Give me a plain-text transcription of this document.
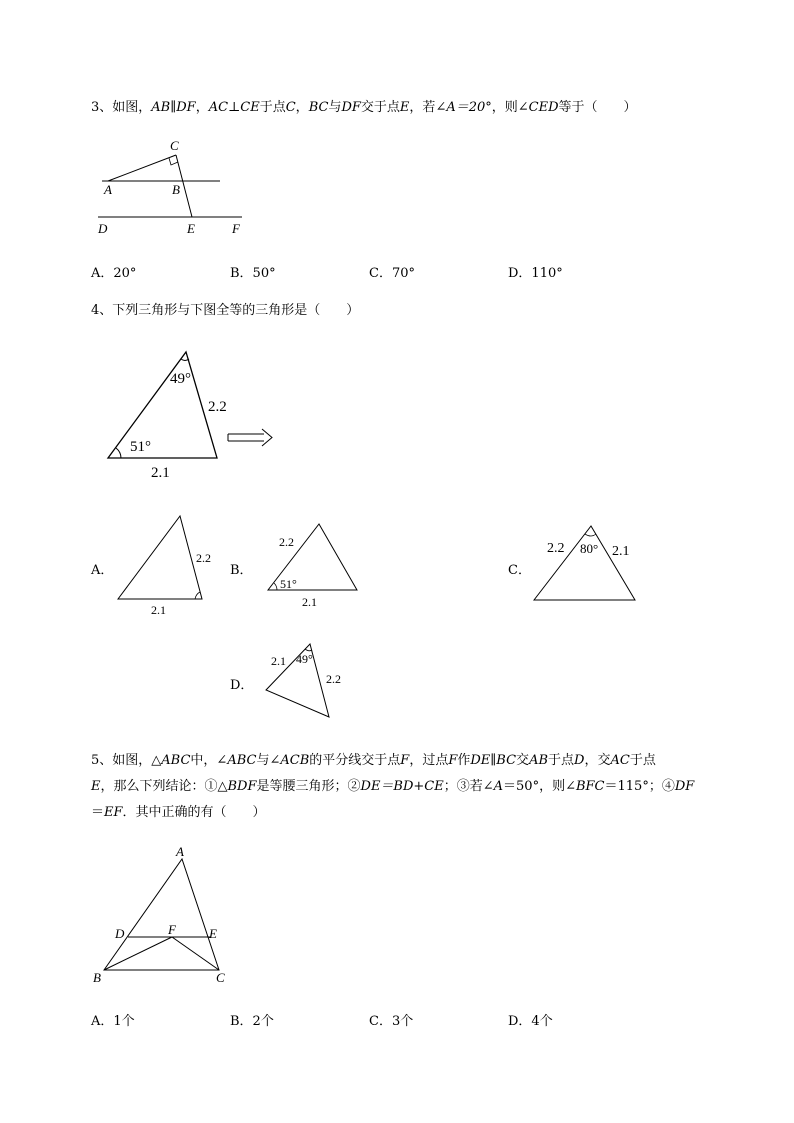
3、如图，AB∥DF，AC⊥CE于点C，BC与DF交于点E，若∠A＝20°，则∠CED等于（　　）
C
A	B
D	E	F
A．20°	B．50°	C．70°	D．110°
4、下列三角形与下图全等的三角形是（　　）
49°
2.2
51°
2.1
A．
2.2
2.1
B．
2.2
51°
2.1
C．
2.2 80° 2.1
D．
2.1 49°
2.2
5、如图，△ABC中，∠ABC与∠ACB的平分线交于点F，过点F作DE∥BC交AB于点D，交AC于点
E，那么下列结论：①△BDF是等腰三角形；②DE＝BD+CE；③若∠A＝50°，则∠BFC＝115°；④DF
＝EF．其中正确的有（　　）
A
D	F	E
B	C
A．1个	B．2个	C．3个	D．4个
